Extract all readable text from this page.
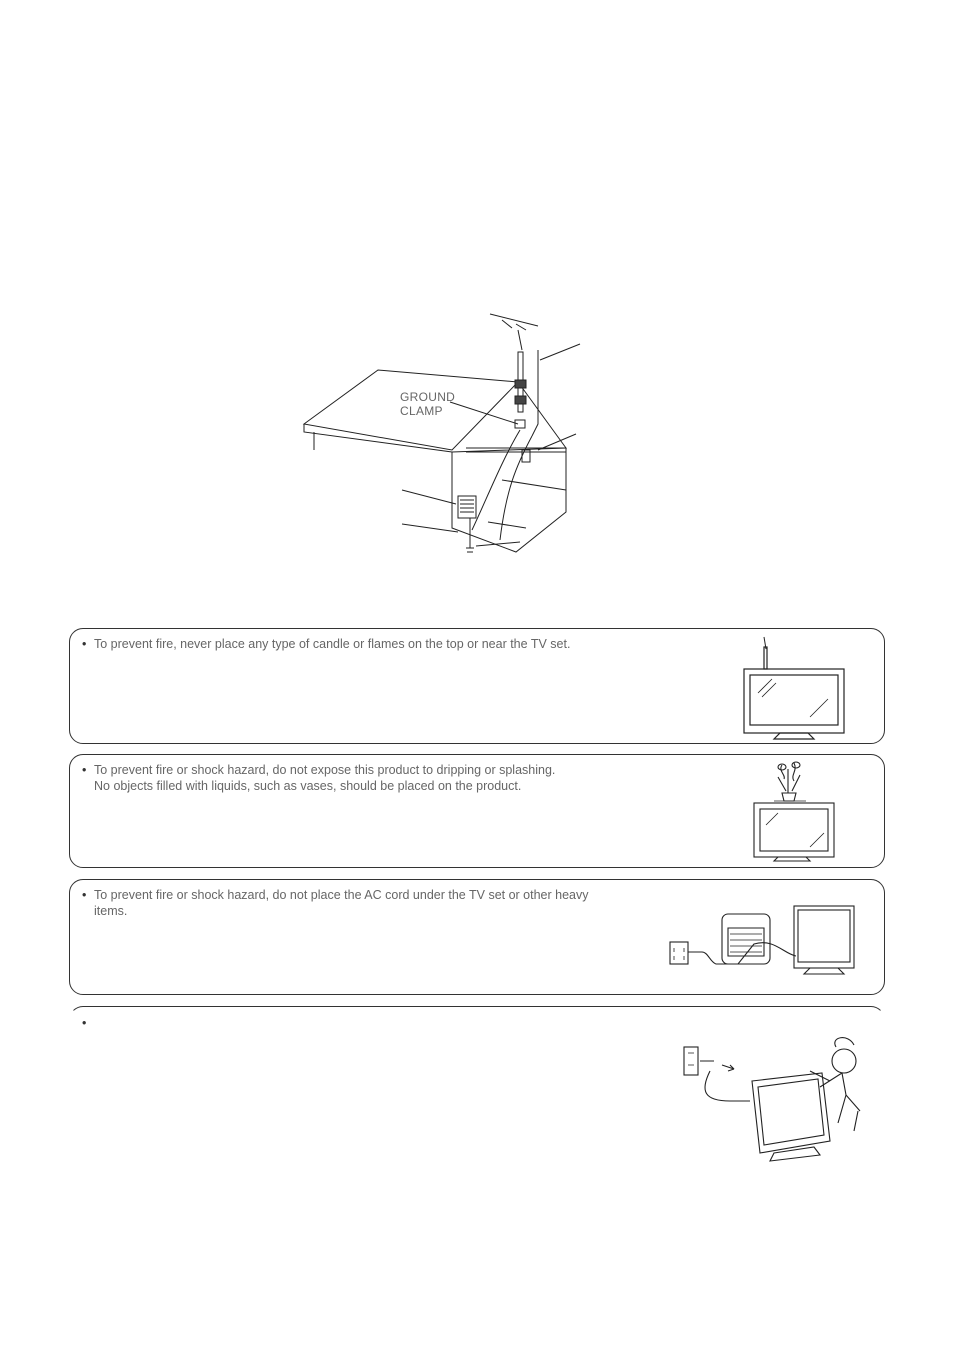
GROUND
CLAMP
• To prevent fire, never place any type of candle or flames on the top or near the TV set.
• To prevent fire or shock hazard, do not expose this product to dripping or splashing.
No objects filled with liquids, such as vases, should be placed on the product.
• To prevent fire or shock hazard, do not place the AC cord under the TV set or other heavy
items.
•
